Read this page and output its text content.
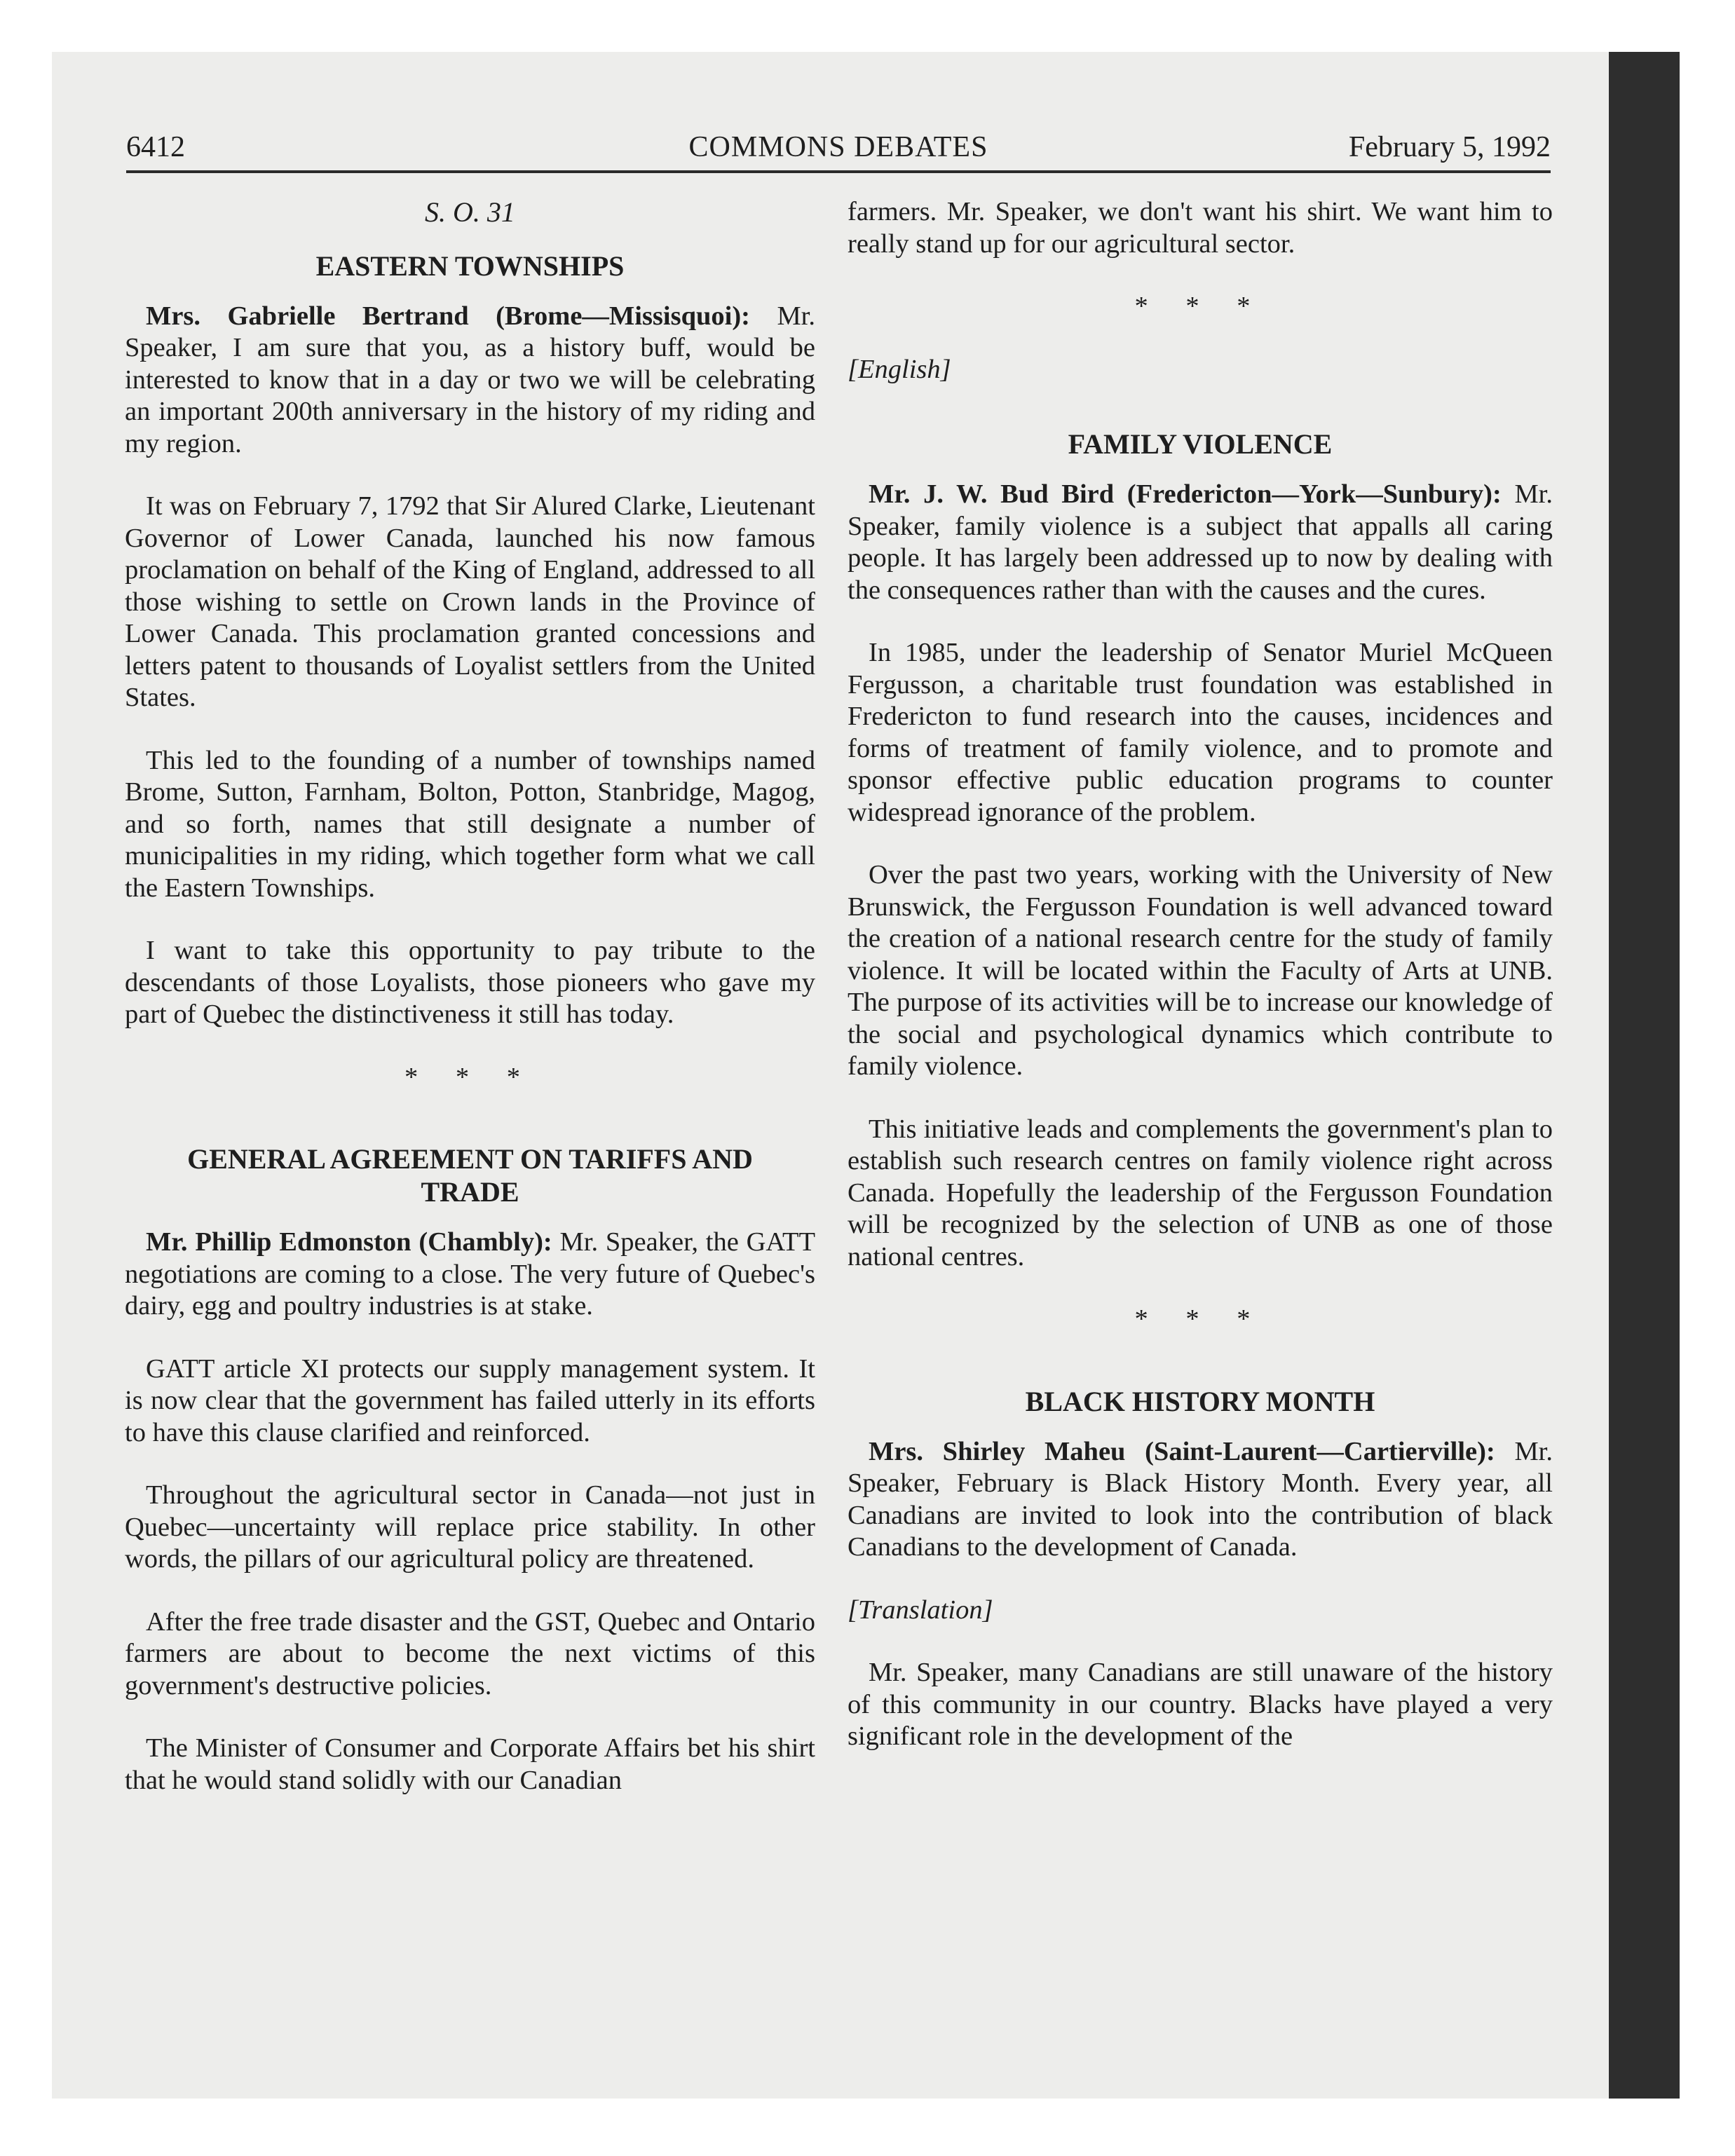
6412	COMMONS DEBATES	February 5, 1992

S. O. 31

EASTERN TOWNSHIPS

Mrs. Gabrielle Bertrand (Brome—Missisquoi): Mr. Speaker, I am sure that you, as a history buff, would be interested to know that in a day or two we will be celebrating an important 200th anniversary in the history of my riding and my region.

It was on February 7, 1792 that Sir Alured Clarke, Lieutenant Governor of Lower Canada, launched his now famous proclamation on behalf of the King of England, addressed to all those wishing to settle on Crown lands in the Province of Lower Canada. This proclamation granted concessions and letters patent to thousands of Loyalist settlers from the United States.

This led to the founding of a number of townships named Brome, Sutton, Farnham, Bolton, Potton, Stanbridge, Magog, and so forth, names that still designate a number of municipalities in my riding, which together form what we call the Eastern Townships.

I want to take this opportunity to pay tribute to the descendants of those Loyalists, those pioneers who gave my part of Quebec the distinctiveness it still has today.

* * *

GENERAL AGREEMENT ON TARIFFS AND

TRADE

Mr. Phillip Edmonston (Chambly): Mr. Speaker, the GATT negotiations are coming to a close. The very future of Quebec's dairy, egg and poultry industries is at stake.

GATT article XI protects our supply management system. It is now clear that the government has failed utterly in its efforts to have this clause clarified and reinforced.

Throughout the agricultural sector in Canada—not just in Quebec—uncertainty will replace price stability. In other words, the pillars of our agricultural policy are threatened.

After the free trade disaster and the GST, Quebec and Ontario farmers are about to become the next victims of this government's destructive policies.

The Minister of Consumer and Corporate Affairs bet his shirt that he would stand solidly with our Canadian

farmers. Mr. Speaker, we don't want his shirt. We want him to really stand up for our agricultural sector.

* * *

[English]

FAMILY VIOLENCE

Mr. J. W. Bud Bird (Fredericton—York—Sunbury): Mr. Speaker, family violence is a subject that appalls all caring people. It has largely been addressed up to now by dealing with the consequences rather than with the causes and the cures.

In 1985, under the leadership of Senator Muriel McQueen Fergusson, a charitable trust foundation was established in Fredericton to fund research into the causes, incidences and forms of treatment of family violence, and to promote and sponsor effective public education programs to counter widespread ignorance of the problem.

Over the past two years, working with the University of New Brunswick, the Fergusson Foundation is well advanced toward the creation of a national research centre for the study of family violence. It will be located within the Faculty of Arts at UNB. The purpose of its activities will be to increase our knowledge of the social and psychological dynamics which contribute to family violence.

This initiative leads and complements the government's plan to establish such research centres on family violence right across Canada. Hopefully the leadership of the Fergusson Foundation will be recognized by the selection of UNB as one of those national centres.

* * *

BLACK HISTORY MONTH

Mrs. Shirley Maheu (Saint-Laurent—Cartierville): Mr. Speaker, February is Black History Month. Every year, all Canadians are invited to look into the contribution of black Canadians to the development of Canada.

[Translation]

Mr. Speaker, many Canadians are still unaware of the history of this community in our country. Blacks have played a very significant role in the development of the
